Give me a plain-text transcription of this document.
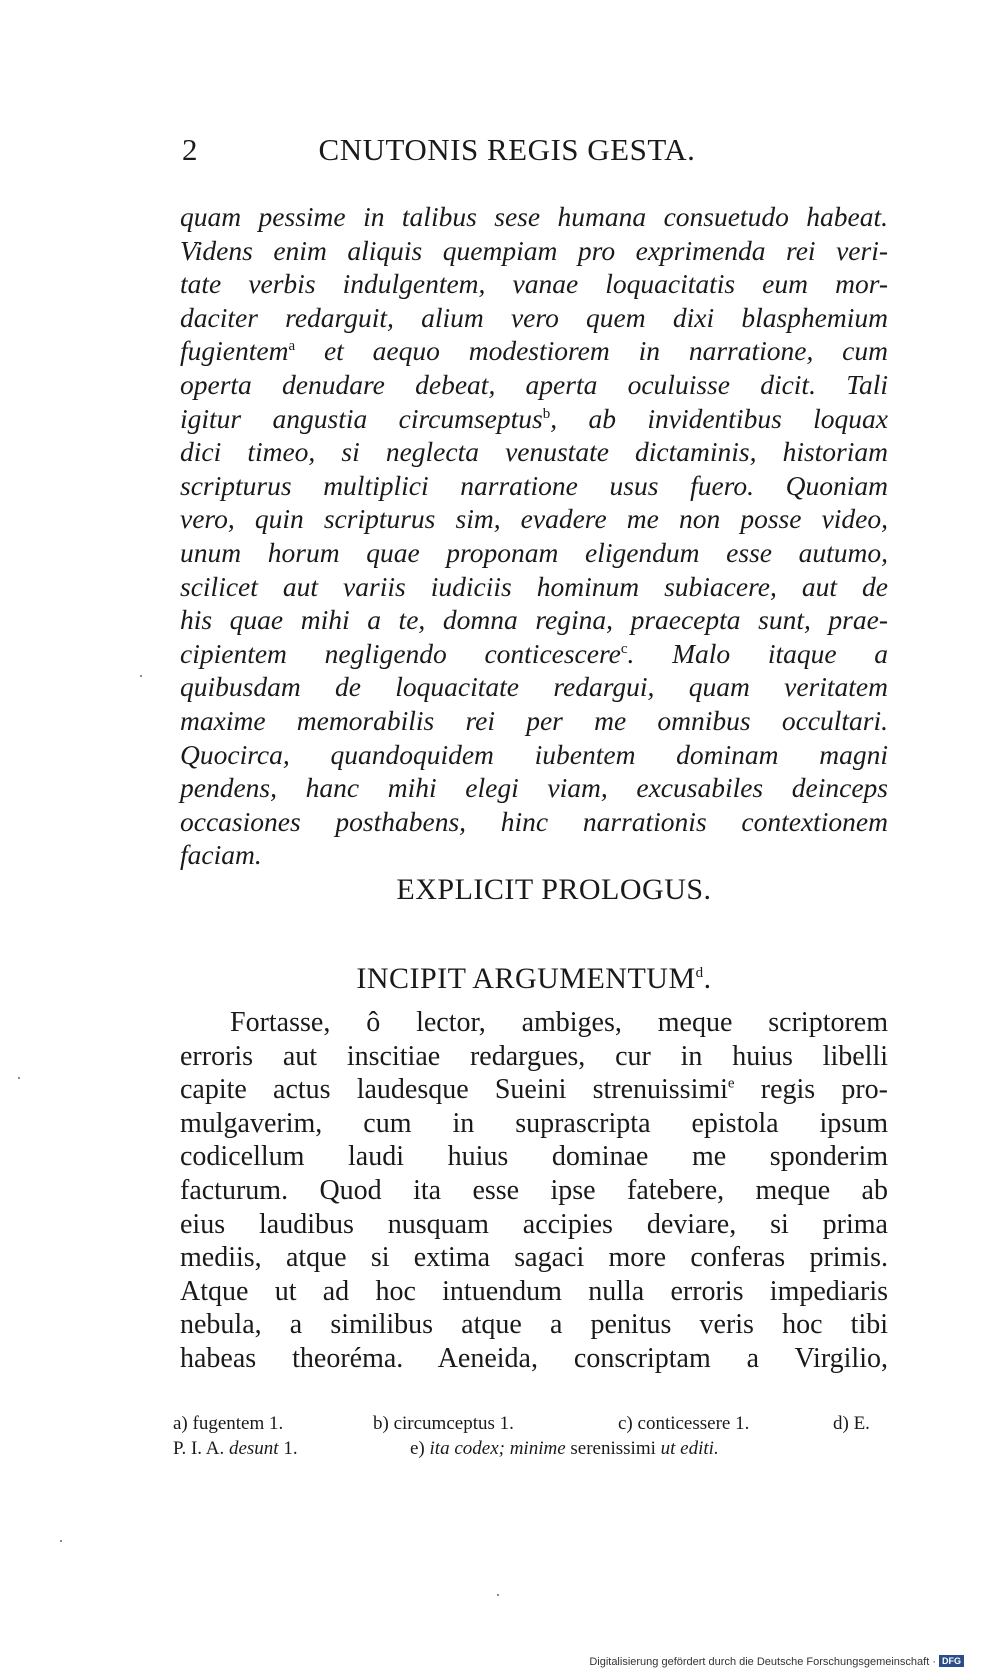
2	CNUTONIS REGIS GESTA.
quam pessime in talibus sese humana consuetudo habeat.
Videns enim aliquis quempiam pro exprimenda rei veri-
tate verbis indulgentem, vanae loquacitatis eum mor-
daciter redarguit, alium vero quem dixi blasphemium
fugientem$^a$ et aequo modestiorem in narratione, cum
operta denudare debeat, aperta oculuisse dicit. Tali
igitur angustia circumseptus$^b$, ab invidentibus loquax
dici timeo, si neglecta venustate dictaminis, historiam
scripturus multiplici narratione usus fuero. Quoniam
vero, quin scripturus sim, evadere me non posse video,
unum horum quae proponam eligendum esse autumo,
scilicet aut variis iudiciis hominum subiacere, aut de
his quae mihi a te, domna regina, praecepta sunt, prae-
cipientem negligendo conticescere$^c$. Malo itaque a
quibusdam de loquacitate redargui, quam veritatem
maxime memorabilis rei per me omnibus occultari.
Quocirca, quandoquidem iubentem dominam magni
pendens, hanc mihi elegi viam, excusabiles deinceps
occasiones posthabens, hinc narrationis contextionem
faciam.
EXPLICIT PROLOGUS.
INCIPIT ARGUMENTUM$^d$.
Fortasse, ô lector, ambiges, meque scriptorem
erroris aut inscitiae redargues, cur in huius libelli
capite actus laudesque Sueini strenuissimi$^e$ regis pro-
mulgaverim, cum in suprascripta epistola ipsum
codicellum laudi huius dominae me sponderim
facturum. Quod ita esse ipse fatebere, meque ab
eius laudibus nusquam accipies deviare, si prima
mediis, atque si extima sagaci more conferas primis.
Atque ut ad hoc intuendum nulla erroris impediaris
nebula, a similibus atque a penitus veris hoc tibi
habeas theoréma. Aeneida, conscriptam a Virgilio,
a) fugentem 1.	b) circumceptus 1.	c) conticessere 1.	d) E.
P. I. A. desunt 1.	e) ita codex; minime serenissimi ut editi.
Digitalisierung gefördert durch die Deutsche Forschungsgemeinschaft · DFG
